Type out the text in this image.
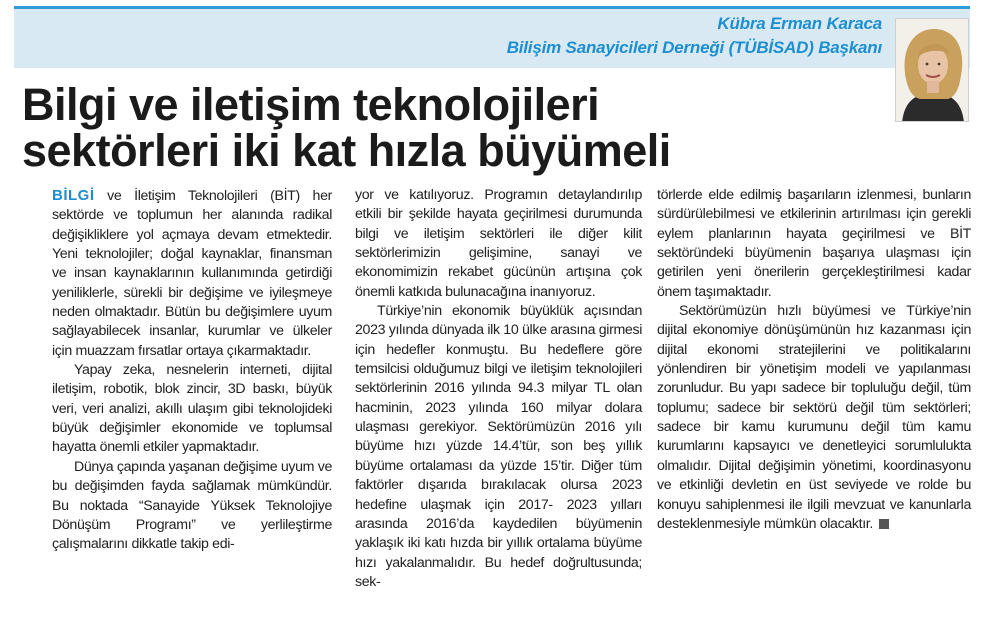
Kübra Erman Karaca
Bilişim Sanayicileri Derneği (TÜBİSAD) Başkanı
Bilgi ve iletişim teknolojileri
sektörleri iki kat hızla büyümeli

BİLGİ ve İletişim Teknolojileri (BİT) her sektörde ve toplumun her alanında radikal değişikliklere yol açmaya devam etmektedir. Yeni teknolojiler; doğal kaynaklar, finansman ve insan kaynaklarının kullanımında getirdiği yeniliklerle, sürekli bir değişime ve iyileşmeye neden olmaktadır. Bütün bu değişimlere uyum sağlayabilecek insanlar, kurumlar ve ülkeler için muazzam fırsatlar ortaya çıkarmaktadır.

Yapay zeka, nesnelerin interneti, dijital iletişim, robotik, blok zincir, 3D baskı, büyük veri, veri analizi, akıllı ulaşım gibi teknolojideki büyük değişimler ekonomide ve toplumsal hayatta önemli etkiler yapmaktadır.

Dünya çapında yaşanan değişime uyum ve bu değişimden fayda sağlamak mümkündür. Bu noktada “Sanayide Yüksek Teknolojiye Dönüşüm Programı” ve yerlileştirme çalışmalarını dikkatle takip edi-

yor ve katılıyoruz. Programın detaylandırılıp etkili bir şekilde hayata geçirilmesi durumunda bilgi ve iletişim sektörleri ile diğer kilit sektörlerimizin gelişimine, sanayi ve ekonomimizin rekabet gücünün artışına çok önemli katkıda bulunacağına inanıyoruz.

Türkiye’nin ekonomik büyüklük açısından 2023 yılında dünyada ilk 10 ülke arasına girmesi için hedefler konmuştu. Bu hedeflere göre temsilcisi olduğumuz bilgi ve iletişim teknolojileri sektörlerinin 2016 yılında 94.3 milyar TL olan hacminin, 2023 yılında 160 milyar dolara ulaşması gerekiyor. Sektörümüzün 2016 yılı büyüme hızı yüzde 14.4’tür, son beş yıllık büyüme ortalaması da yüzde 15’tir. Diğer tüm faktörler dışarıda bırakılacak olursa 2023 hedefine ulaşmak için 2017- 2023 yılları arasında 2016’da kaydedilen büyümenin yaklaşık iki katı hızda bir yıllık ortalama büyüme hızı yakalanmalıdır. Bu hedef doğrultusunda; sek-

törlerde elde edilmiş başarıların izlenmesi, bunların sürdürülebilmesi ve etkilerinin artırılması için gerekli eylem planlarının hayata geçirilmesi ve BİT sektöründeki büyümenin başarıya ulaşması için getirilen yeni önerilerin gerçekleştirilmesi kadar önem taşımaktadır.

Sektörümüzün hızlı büyümesi ve Türkiye’nin dijital ekonomiye dönüşümünün hız kazanması için dijital ekonomi stratejilerini ve politikalarını yönlendiren bir yönetişim modeli ve yapılanması zorunludur. Bu yapı sadece bir topluluğu değil, tüm toplumu; sadece bir sektörü değil tüm sektörleri; sadece bir kamu kurumunu değil tüm kamu kurumlarını kapsayıcı ve denetleyici sorumlulukta olmalıdır. Dijital değişimin yönetimi, koordinasyonu ve etkinliği devletin en üst seviyede ve rolde bu konuyu sahiplenmesi ile ilgili mevzuat ve kanunlarla desteklenmesiyle mümkün olacaktır.
